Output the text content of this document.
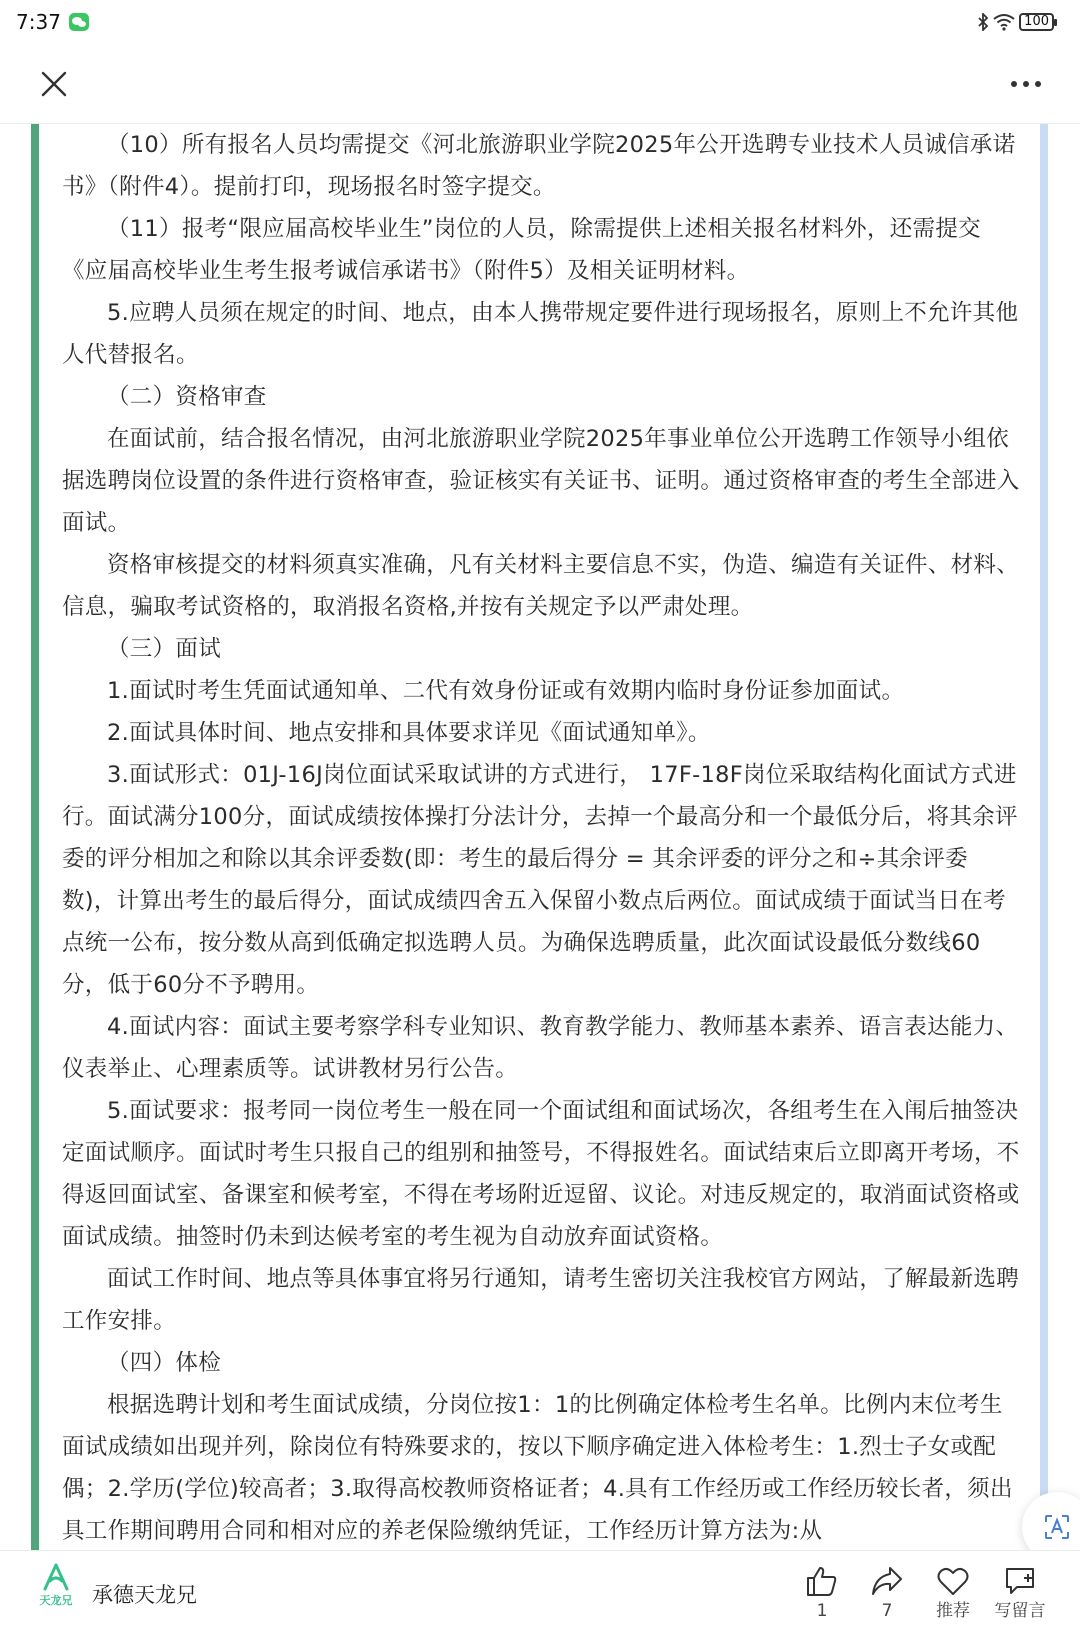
7:37	100

（10）所有报名人员均需提交《河北旅游职业学院2025年公开选聘专业技术人员诚信承诺书》（附件4）。提前打印，现场报名时签字提交。

（11）报考“限应届高校毕业生”岗位的人员，除需提供上述相关报名材料外，还需提交《应届高校毕业生考生报考诚信承诺书》（附件5）及相关证明材料。

5.应聘人员须在规定的时间、地点，由本人携带规定要件进行现场报名，原则上不允许其他人代替报名。

（二）资格审查

在面试前，结合报名情况，由河北旅游职业学院2025年事业单位公开选聘工作领导小组依据选聘岗位设置的条件进行资格审查，验证核实有关证书、证明。通过资格审查的考生全部进入面试。

资格审核提交的材料须真实准确，凡有关材料主要信息不实，伪造、编造有关证件、材料、信息，骗取考试资格的，取消报名资格,并按有关规定予以严肃处理。

（三）面试

1.面试时考生凭面试通知单、二代有效身份证或有效期内临时身份证参加面试。

2.面试具体时间、地点安排和具体要求详见《面试通知单》。

3.面试形式：01J-16J岗位面试采取试讲的方式进行， 17F-18F岗位采取结构化面试方式进行。面试满分100分，面试成绩按体操打分法计分，去掉一个最高分和一个最低分后，将其余评委的评分相加之和除以其余评委数(即：考生的最后得分 = 其余评委的评分之和÷其余评委数)，计算出考生的最后得分，面试成绩四舍五入保留小数点后两位。面试成绩于面试当日在考点统一公布，按分数从高到低确定拟选聘人员。为确保选聘质量，此次面试设最低分数线60分，低于60分不予聘用。

4.面试内容：面试主要考察学科专业知识、教育教学能力、教师基本素养、语言表达能力、仪表举止、心理素质等。试讲教材另行公告。

5.面试要求：报考同一岗位考生一般在同一个面试组和面试场次，各组考生在入闱后抽签决定面试顺序。面试时考生只报自己的组别和抽签号，不得报姓名。面试结束后立即离开考场，不得返回面试室、备课室和候考室，不得在考场附近逗留、议论。对违反规定的，取消面试资格或面试成绩。抽签时仍未到达候考室的考生视为自动放弃面试资格。

面试工作时间、地点等具体事宜将另行通知，请考生密切关注我校官方网站，了解最新选聘工作安排。

（四）体检

根据选聘计划和考生面试成绩，分岗位按1：1的比例确定体检考生名单。比例内末位考生面试成绩如出现并列，除岗位有特殊要求的，按以下顺序确定进入体检考生：1.烈士子女或配偶；2.学历(学位)较高者；3.取得高校教师资格证者；4.具有工作经历或工作经历较长者，须出具工作期间聘用合同和相对应的养老保险缴纳凭证，工作经历计算方法为:从

天龙兄 承德天龙兄
1	7	推荐 写留言
